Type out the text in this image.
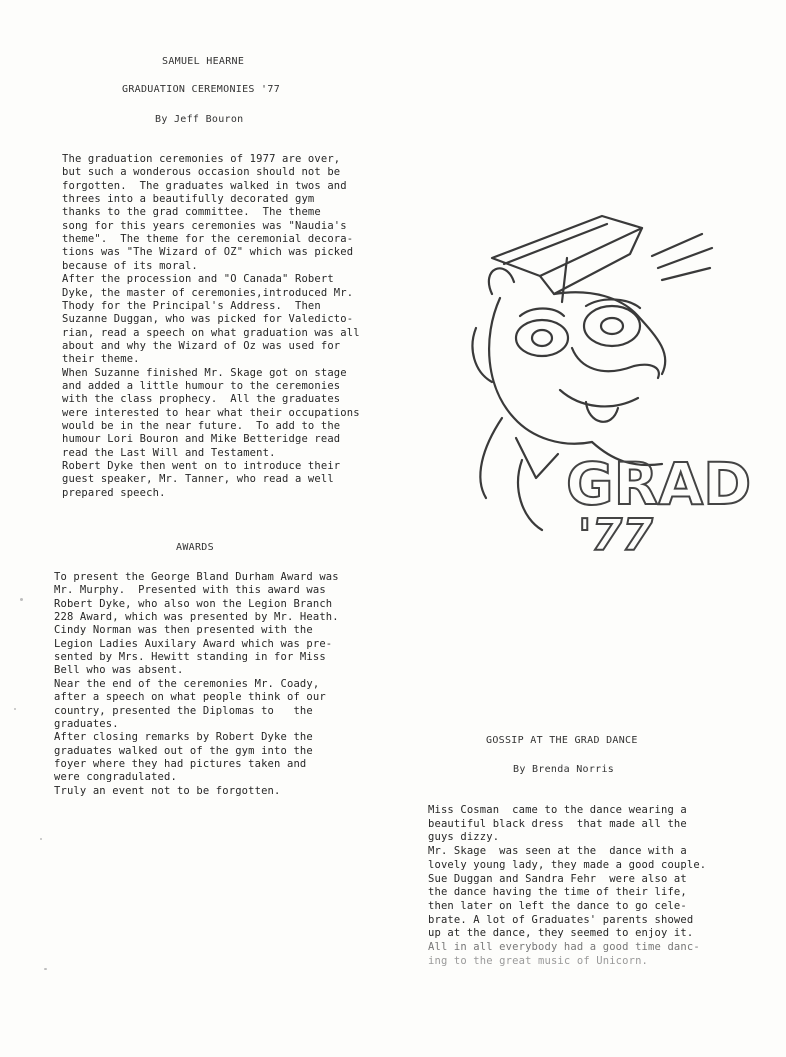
SAMUEL HEARNE
GRADUATION CEREMONIES '77
By Jeff Bouron
The graduation ceremonies of 1977 are over,
but such a wonderous occasion should not be
forgotten.  The graduates walked in twos and
threes into a beautifully decorated gym
thanks to the grad committee.  The theme
song for this years ceremonies was "Naudia's
theme".  The theme for the ceremonial decora-
tions was "The Wizard of OZ" which was picked
because of its moral.
After the procession and "O Canada" Robert
Dyke, the master of ceremonies,introduced Mr.
Thody for the Principal's Address.  Then
Suzanne Duggan, who was picked for Valedicto-
rian, read a speech on what graduation was all
about and why the Wizard of Oz was used for
their theme.
When Suzanne finished Mr. Skage got on stage
and added a little humour to the ceremonies
with the class prophecy.  All the graduates
were interested to hear what their occupations
would be in the near future.  To add to the
humour Lori Bouron and Mike Betteridge read
read the Last Will and Testament.
Robert Dyke then went on to introduce their
guest speaker, Mr. Tanner, who read a well
prepared speech.
AWARDS
To present the George Bland Durham Award was
Mr. Murphy.  Presented with this award was
Robert Dyke, who also won the Legion Branch
228 Award, which was presented by Mr. Heath.
Cindy Norman was then presented with the
Legion Ladies Auxilary Award which was pre-
sented by Mrs. Hewitt standing in for Miss
Bell who was absent.
Near the end of the ceremonies Mr. Coady,
after a speech on what people think of our
country, presented the Diplomas to   the
graduates.
After closing remarks by Robert Dyke the
graduates walked out of the gym into the
foyer where they had pictures taken and
were congradulated.
Truly an event not to be forgotten.
GRAD
'77
GOSSIP AT THE GRAD DANCE
By Brenda Norris
Miss Cosman  came to the dance wearing a
beautiful black dress  that made all the
guys dizzy.
Mr. Skage  was seen at the  dance with a
lovely young lady, they made a good couple.
Sue Duggan and Sandra Fehr  were also at
the dance having the time of their life,
then later on left the dance to go cele-
brate. A lot of Graduates' parents showed
up at the dance, they seemed to enjoy it.
All in all everybody had a good time danc-
ing to the great music of Unicorn.
